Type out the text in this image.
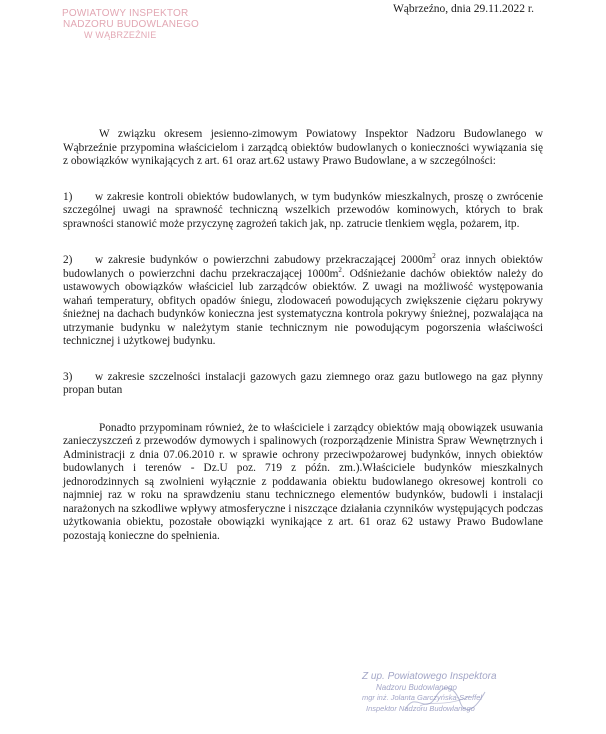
POWIATOWY INSPEKTOR
NADZORU BUDOWLANEGO
W WĄBRZEŹNIE
Wąbrzeźno, dnia 29.11.2022 r.

W związku okresem jesienno-zimowym Powiatowy Inspektor Nadzoru Budowlanego w Wąbrzeźnie przypomina właścicielom i zarządcą obiektów budowlanych o konieczności wywiązania się z obowiązków wynikających z art. 61 oraz art.62 ustawy Prawo Budowlane, a w szczególności:

1) w zakresie kontroli obiektów budowlanych, w tym budynków mieszkalnych, proszę o zwrócenie szczególnej uwagi na sprawność techniczną wszelkich przewodów kominowych, których to brak sprawności stanowić może przyczynę zagrożeń takich jak, np. zatrucie tlenkiem węgla, pożarem, itp.

2) w zakresie budynków o powierzchni zabudowy przekraczającej $2000m^2$ oraz innych obiektów budowlanych o powierzchni dachu przekraczającej $1000m^2$. Odśnieżanie dachów obiektów należy do ustawowych obowiązków właściciel lub zarządców obiektów. Z uwagi na możliwość występowania wahań temperatury, obfitych opadów śniegu, zlodowaceń powodujących zwiększenie ciężaru pokrywy śnieżnej na dachach budynków konieczna jest systematyczna kontrola pokrywy śnieżnej, pozwalająca na utrzymanie budynku w należytym stanie technicznym nie powodującym pogorszenia właściwości technicznej i użytkowej budynku.

3) w zakresie szczelności instalacji gazowych gazu ziemnego oraz gazu butlowego na gaz płynny propan butan

Ponadto przypominam również, że to właściciele i zarządcy obiektów mają obowiązek usuwania zanieczyszczeń z przewodów dymowych i spalinowych (rozporządzenie Ministra Spraw Wewnętrznych i Administracji z dnia 07.06.2010 r. w sprawie ochrony przeciwpożarowej budynków, innych obiektów budowlanych i terenów - Dz.U poz. 719 z późn. zm.).Właściciele budynków mieszkalnych jednorodzinnych są zwolnieni wyłącznie z poddawania obiektu budowlanego okresowej kontroli co najmniej raz w roku na sprawdzeniu stanu technicznego elementów budynków, budowli i instalacji narażonych na szkodliwe wpływy atmosferyczne i niszczące działania czynników występujących podczas użytkowania obiektu, pozostałe obowiązki wynikające z art. 61 oraz 62 ustawy Prawo Budowlane pozostają konieczne do spełnienia.

Z up. Powiatowego Inspektora
Nadzoru Budowlanego
mgr inż. Jolanta Garczyńska-Szeffel
Inspektor Nadzoru Budowlanego
